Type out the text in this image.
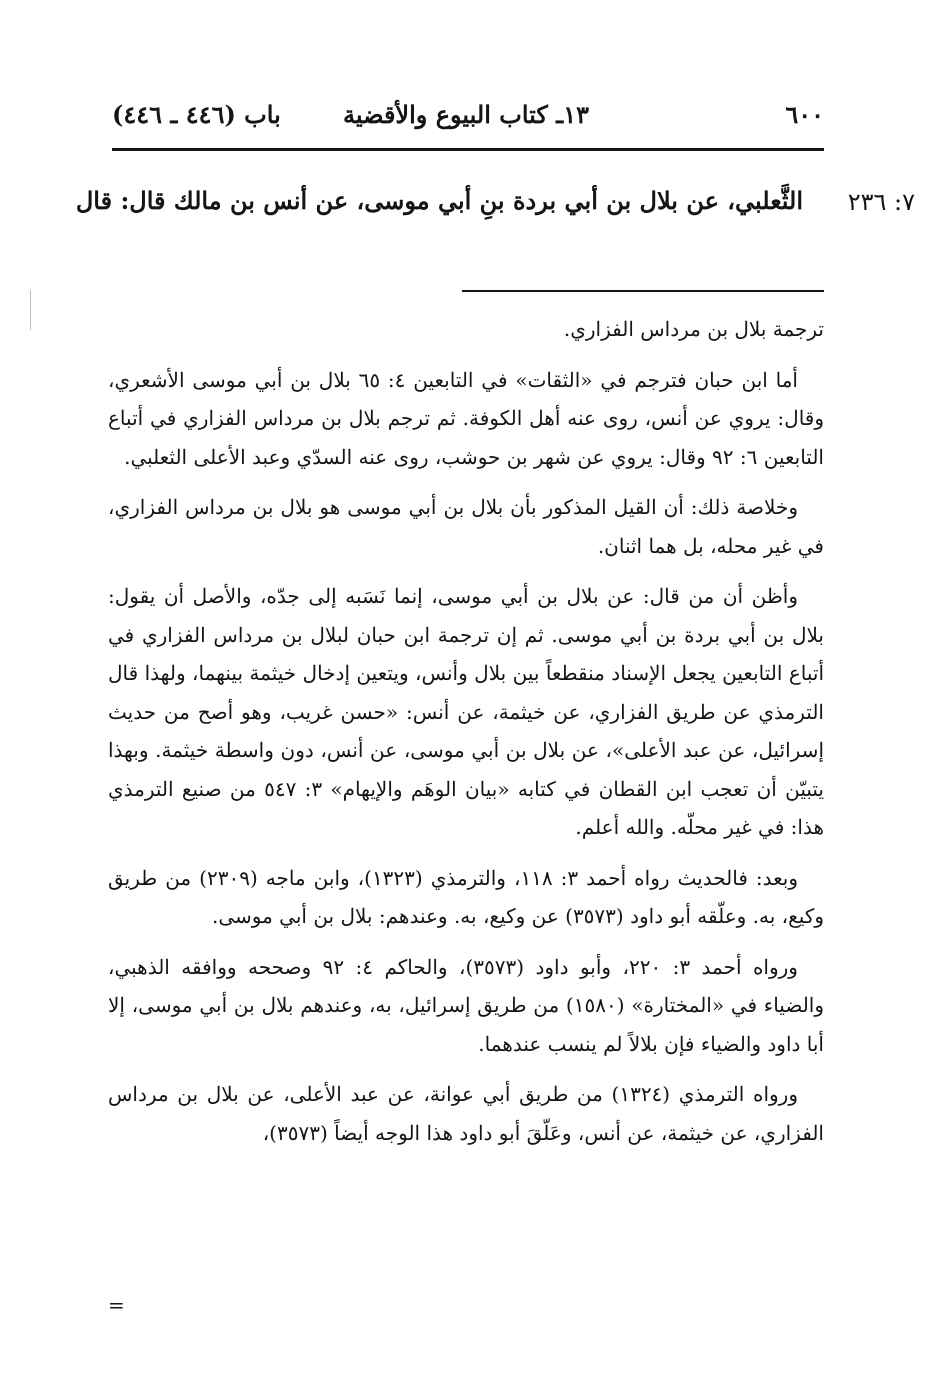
٦٠٠
١٣ـ كتاب البيوع والأقضية
باب (٤٤٦ ـ ٤٤٦)
٧: ٢٣٦
الثَّعلبي، عن بلال بن أبي بردة بنِ أبي موسى، عن أنس بن مالك قال: قال

ترجمة بلال بن مرداس الفزاري.

أما ابن حبان فترجم في «الثقات» في التابعين ٤: ٦٥ بلال بن أبي موسى الأشعري، وقال: يروي عن أنس، روى عنه أهل الكوفة. ثم ترجم بلال بن مرداس الفزاري في أتباع التابعين ٦: ٩٢ وقال: يروي عن شهر بن حوشب، روى عنه السدّي وعبد الأعلى الثعلبي.

وخلاصة ذلك: أن القيل المذكور بأن بلال بن أبي موسى هو بلال بن مرداس الفزاري، في غير محله، بل هما اثنان.

وأظن أن من قال: عن بلال بن أبي موسى، إنما نَسَبه إلى جدّه، والأصل أن يقول: بلال بن أبي بردة بن أبي موسى. ثم إن ترجمة ابن حبان لبلال بن مرداس الفزاري في أتباع التابعين يجعل الإسناد منقطعاً بين بلال وأنس، ويتعين إدخال خيثمة بينهما، ولهذا قال الترمذي عن طريق الفزاري، عن خيثمة، عن أنس: «حسن غريب، وهو أصح من حديث إسرائيل، عن عبد الأعلى»، عن بلال بن أبي موسى، عن أنس، دون واسطة خيثمة. وبهذا يتبيّن أن تعجب ابن القطان في كتابه «بيان الوهَم والإيهام» ٣: ٥٤٧ من صنيع الترمذي هذا: في غير محلّه. والله أعلم.

وبعد: فالحديث رواه أحمد ٣: ١١٨، والترمذي (١٣٢٣)، وابن ماجه (٢٣٠٩) من طريق وكيع، به. وعلّقه أبو داود (٣٥٧٣) عن وكيع، به. وعندهم: بلال بن أبي موسى.

ورواه أحمد ٣: ٢٢٠، وأبو داود (٣٥٧٣)، والحاكم ٤: ٩٢ وصححه ووافقه الذهبي، والضياء في «المختارة» (١٥٨٠) من طريق إسرائيل، به، وعندهم بلال بن أبي موسى، إلا أبا داود والضياء فإن بلالاً لم ينسب عندهما.

ورواه الترمذي (١٣٢٤) من طريق أبي عوانة، عن عبد الأعلى، عن بلال بن مرداس الفزاري، عن خيثمة، عن أنس، وعَلّقَ أبو داود هذا الوجه أيضاً (٣٥٧٣)،

=
